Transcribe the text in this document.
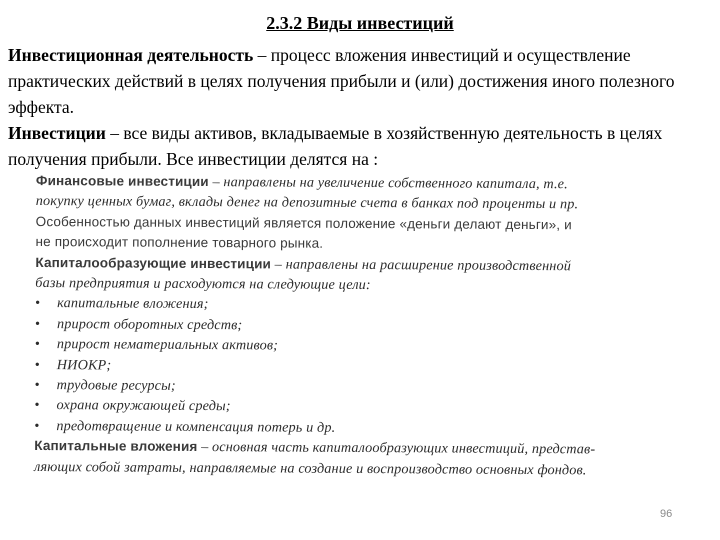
2.3.2 Виды инвестиций

Инвестиционная деятельность – процесс вложения инвестиций и осуществление практических действий в целях получения прибыли и (или) достижения иного полезного эффекта.

Инвестиции – все виды активов, вкладываемые в хозяйственную деятельность в целях получения прибыли. Все инвестиции делятся на :

Финансовые инвестиции – направлены на увеличение собственного капитала, т.е.
покупку ценных бумаг, вклады денег на депозитные счета в банках под проценты и пр.
Особенностью данных инвестиций является положение «деньги делают деньги», и
не происходит пополнение товарного рынка.
Капиталообразующие инвестиции – направлены на расширение производственной
базы предприятия и расходуются на следующие цели:
• капитальные вложения;
• прирост оборотных средств;
• прирост нематериальных активов;
• НИОКР;
• трудовые ресурсы;
• охрана окружающей среды;
• предотвращение и компенсация потерь и др.
Капитальные вложения – основная часть капиталообразующих инвестиций, представ-
ляющих собой затраты, направляемые на создание и воспроизводство основных фондов.
96
